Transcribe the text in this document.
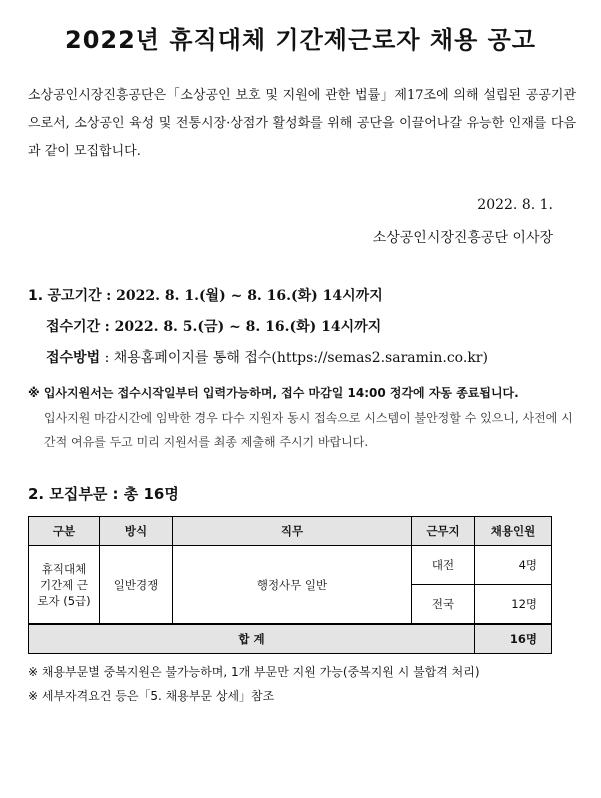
2022년 휴직대체 기간제근로자 채용 공고
소상공인시장진흥공단은「소상공인 보호 및 지원에 관한 법률」제17조에 의해 설립된 공공기관으로서, 소상공인 육성 및 전통시장·상점가 활성화를 위해 공단을 이끌어나갈 유능한 인재를 다음과 같이 모집합니다.
2022. 8. 1.
소상공인시장진흥공단 이사장
1. 공고기간 : 2022. 8. 1.(월) ~ 8. 16.(화) 14시까지
접수기간 : 2022. 8. 5.(금) ~ 8. 16.(화) 14시까지
접수방법 : 채용홈페이지를 통해 접수(https://semas2.saramin.co.kr)
※ 입사지원서는 접수시작일부터 입력가능하며, 접수 마감일 14:00 정각에 자동 종료됩니다.
입사지원 마감시간에 임박한 경우 다수 지원자 동시 접속으로 시스템이 불안정할 수 있으니, 사전에 시간적 여유를 두고 미리 지원서를 최종 제출해 주시기 바랍니다.
2. 모집부문 : 총 16명
구분	방식	직무	근무지	채용인원
휴직대체 기간제 근로자 (5급)	일반경쟁	행정사무 일반	대전	4명
			전국	12명
합 계				16명
※ 채용부문별 중복지원은 불가능하며, 1개 부문만 지원 가능(중복지원 시 불합격 처리)
※ 세부자격요건 등은「5. 채용부문 상세」참조
